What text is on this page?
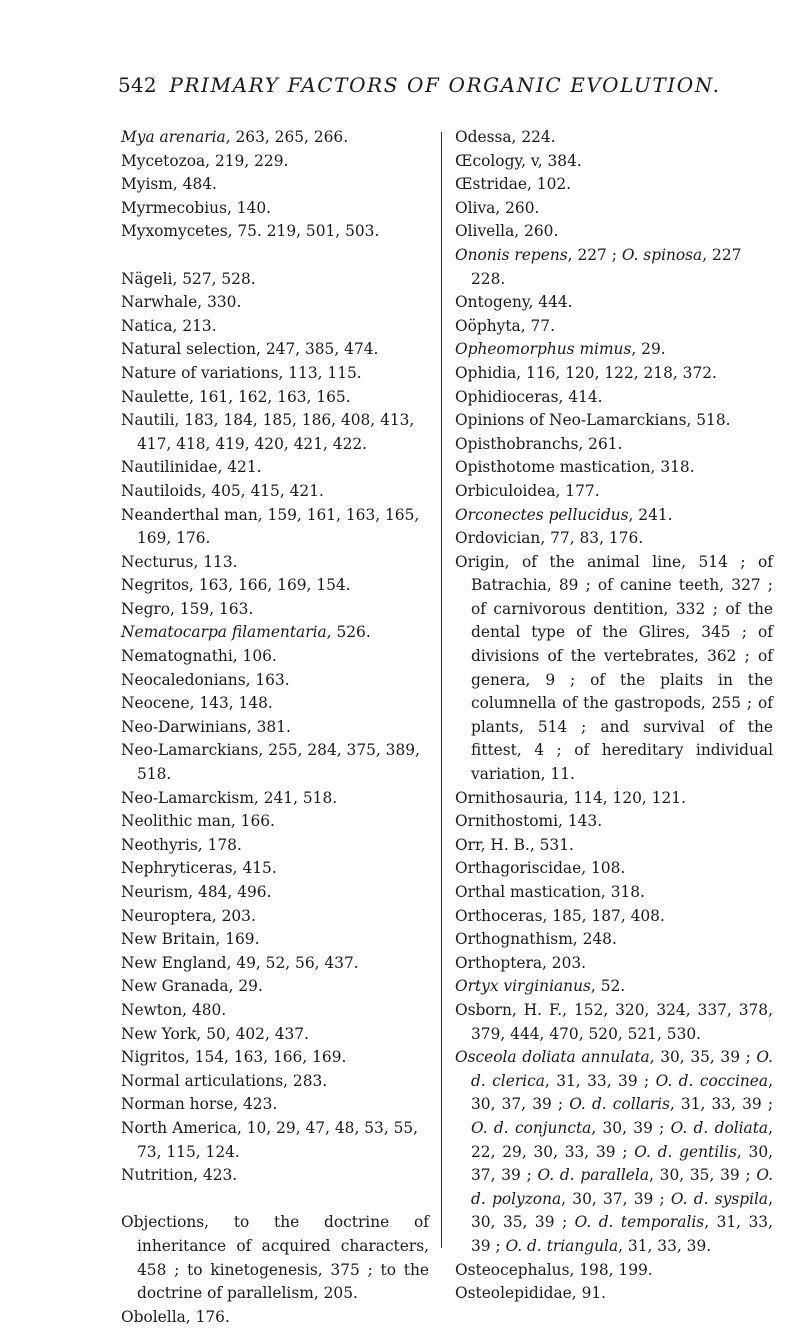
542 PRIMARY FACTORS OF ORGANIC EVOLUTION.
Mya arenaria, 263, 265, 266.
Mycetozoa, 219, 229.
Myism, 484.
Myrmecobius, 140.
Myxomycetes, 75. 219, 501, 503.
Nägeli, 527, 528.
Narwhale, 330.
Natica, 213.
Natural selection, 247, 385, 474.
Nature of variations, 113, 115.
Naulette, 161, 162, 163, 165.
Nautili, 183, 184, 185, 186, 408, 413, 417, 418, 419, 420, 421, 422.
Nautilinidae, 421.
Nautiloids, 405, 415, 421.
Neanderthal man, 159, 161, 163, 165, 169, 176.
Necturus, 113.
Negritos, 163, 166, 169, 154.
Negro, 159, 163.
Nematocarpa filamentaria, 526.
Nematognathi, 106.
Neocaledonians, 163.
Neocene, 143, 148.
Neo-Darwinians, 381.
Neo-Lamarckians, 255, 284, 375, 389, 518.
Neo-Lamarckism, 241, 518.
Neolithic man, 166.
Neothyris, 178.
Nephryticeras, 415.
Neurism, 484, 496.
Neuroptera, 203.
New Britain, 169.
New England, 49, 52, 56, 437.
New Granada, 29.
Newton, 480.
New York, 50, 402, 437.
Nigritos, 154, 163, 166, 169.
Normal articulations, 283.
Norman horse, 423.
North America, 10, 29, 47, 48, 53, 55, 73, 115, 124.
Nutrition, 423.
Objections, to the doctrine of inheritance of acquired characters, 458 ; to kinetogenesis, 375 ; to the doctrine of parallelism, 205.
Obolella, 176.
Odessa, 224.
Œcology, v, 384.
Œstridae, 102.
Oliva, 260.
Olivella, 260.
Ononis repens, 227 ; O. spinosa, 227 228.
Ontogeny, 444.
Oöphyta, 77.
Opheomorphus mimus, 29.
Ophidia, 116, 120, 122, 218, 372.
Ophidioceras, 414.
Opinions of Neo-Lamarckians, 518.
Opisthobranchs, 261.
Opisthotome mastication, 318.
Orbiculoidea, 177.
Orconectes pellucidus, 241.
Ordovician, 77, 83, 176.
Origin, of the animal line, 514 ; of Batrachia, 89 ; of canine teeth, 327 ; of carnivorous dentition, 332 ; of the dental type of the Glires, 345 ; of divisions of the vertebrates, 362 ; of genera, 9 ; of the plaits in the columnella of the gastropods, 255 ; of plants, 514 ; and survival of the fittest, 4 ; of hereditary individual variation, 11.
Ornithosauria, 114, 120, 121.
Ornithostomi, 143.
Orr, H. B., 531.
Orthagoriscidae, 108.
Orthal mastication, 318.
Orthoceras, 185, 187, 408.
Orthognathism, 248.
Orthoptera, 203.
Ortyx virginianus, 52.
Osborn, H. F., 152, 320, 324, 337, 378, 379, 444, 470, 520, 521, 530.
Osceola doliata annulata, 30, 35, 39 ; O. d. clerica, 31, 33, 39 ; O. d. coccinea, 30, 37, 39 ; O. d. collaris, 31, 33, 39 ; O. d. conjuncta, 30, 39 ; O. d. doliata, 22, 29, 30, 33, 39 ; O. d. gentilis, 30, 37, 39 ; O. d. parallela, 30, 35, 39 ; O. d. polyzona, 30, 37, 39 ; O. d. syspila, 30, 35, 39 ; O. d. temporalis, 31, 33, 39 ; O. d. triangula, 31, 33, 39.
Osteocephalus, 198, 199.
Osteolepididae, 91.
